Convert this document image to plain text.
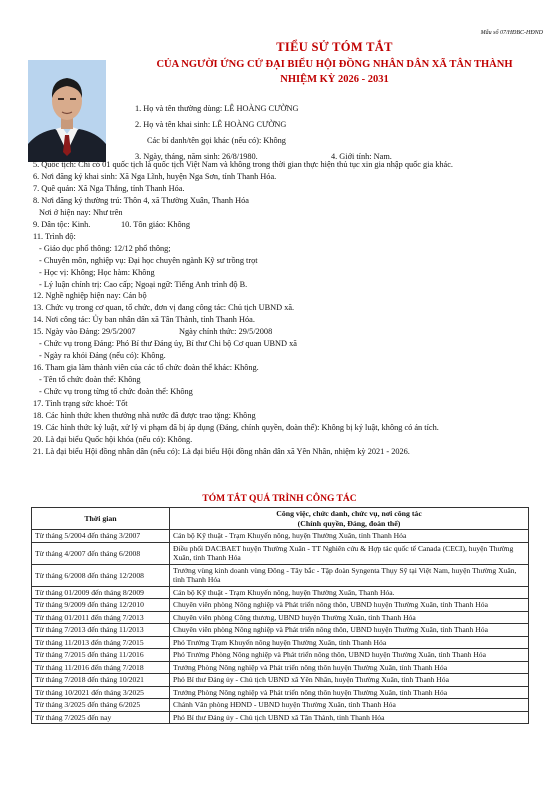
Mẫu số 07/HĐBC-HĐND
TIỂU SỬ TÓM TẮT
CỦA NGƯỜI ỨNG CỬ ĐẠI BIỂU HỘI ĐỒNG NHÂN DÂN XÃ TÂN THÀNH
NHIỆM KỲ 2026 - 2031
1. Họ và tên thường dùng: LÊ HOÀNG CƯỜNG
2. Họ và tên khai sinh: LÊ HOÀNG CƯỜNG
Các bí danh/tên gọi khác (nếu có): Không
3. Ngày, tháng, năm sinh: 26/8/1980.	4. Giới tính: Nam.
5. Quốc tịch: Chỉ có 01 quốc tịch là quốc tịch Việt Nam và không trong thời gian thực hiện thủ tục xin gia nhập quốc gia khác.
6. Nơi đăng ký khai sinh: Xã Nga Lĩnh, huyện Nga Sơn, tỉnh Thanh Hóa.
7. Quê quán: Xã Nga Thắng, tỉnh Thanh Hóa.
8. Nơi đăng ký thường trú: Thôn 4, xã Thường Xuân, Thanh Hóa
Nơi ở hiện nay: Như trên
9. Dân tộc: Kinh.	10. Tôn giáo: Không
11. Trình độ:
- Giáo dục phổ thông: 12/12 phổ thông;
- Chuyên môn, nghiệp vụ: Đại học chuyên ngành Kỹ sư trồng trọt
- Học vị: Không; Học hàm: Không
- Lý luận chính trị: Cao cấp; Ngoại ngữ: Tiếng Anh trình độ B.
12. Nghề nghiệp hiện nay: Cán bộ
13. Chức vụ trong cơ quan, tổ chức, đơn vị đang công tác: Chủ tịch UBND xã.
14. Nơi công tác: Ủy ban nhân dân xã Tân Thành, tỉnh Thanh Hóa.
15. Ngày vào Đảng: 29/5/2007	Ngày chính thức: 29/5/2008
- Chức vụ trong Đảng: Phó Bí thư Đảng ủy, Bí thư Chi bộ Cơ quan UBND xã
- Ngày ra khỏi Đảng (nếu có): Không.
16. Tham gia làm thành viên của các tổ chức đoàn thể khác: Không.
- Tên tổ chức đoàn thể: Không
- Chức vụ trong từng tổ chức đoàn thể: Không
17. Tình trạng sức khoẻ: Tốt
18. Các hình thức khen thưởng nhà nước đã được trao tặng: Không
19. Các hình thức kỷ luật, xử lý vi phạm đã bị áp dụng (Đảng, chính quyền, đoàn thể): Không bị kỷ luật, không có án tích.
20. Là đại biểu Quốc hội khóa (nếu có): Không.
21. Là đại biểu Hội đồng nhân dân (nếu có): Là đại biểu Hội đồng nhân dân xã Yên Nhân, nhiệm kỳ 2021 - 2026.
TÓM TẮT QUÁ TRÌNH CÔNG TÁC
Thời gian	Công việc, chức danh, chức vụ, nơi công tác
(Chính quyền, Đảng, đoàn thể)

Từ tháng 5/2004 đến tháng 3/2007	Cán bộ Kỹ thuật - Trạm Khuyến nông, huyện Thường Xuân, tỉnh Thanh Hóa
Từ tháng 4/2007 đến tháng 6/2008	Điều phối DACBAET huyện Thường Xuân - TT Nghiên cứu & Hợp tác quốc tế Canada (CECI), huyện Thường Xuân, tỉnh Thanh Hóa
Từ tháng 6/2008 đến tháng 12/2008	Trưởng vùng kinh doanh vùng Đông - Tây bắc - Tập đoàn Syngenta Thụy Sỹ tại Việt Nam, huyện Thường Xuân, tỉnh Thanh Hóa
Từ tháng 01/2009 đến tháng 8/2009	Cán bộ Kỹ thuật - Trạm Khuyến nông, huyện Thường Xuân, Thanh Hóa.
Từ tháng 9/2009 đến tháng 12/2010	Chuyên viên phòng Nông nghiệp và Phát triển nông thôn, UBND huyện Thường Xuân, tỉnh Thanh Hóa
Từ tháng 01/2011 đến tháng 7/2013	Chuyên viên phòng Công thương, UBND huyện Thường Xuân, tỉnh Thanh Hóa
Từ tháng 7/2013 đến tháng 11/2013	Chuyên viên phòng Nông nghiệp và Phát triển nông thôn, UBND huyện Thường Xuân, tỉnh Thanh Hóa
Từ tháng 11/2013 đến tháng 7/2015	Phó Trưởng Trạm Khuyến nông huyện Thường Xuân, tỉnh Thanh Hóa
Từ tháng 7/2015 đến tháng 11/2016	Phó Trưởng Phòng Nông nghiệp và Phát triển nông thôn, UBND huyện Thường Xuân, tỉnh Thanh Hóa
Từ tháng 11/2016 đến tháng 7/2018	Trưởng Phòng Nông nghiệp và Phát triển nông thôn huyện Thường Xuân, tỉnh Thanh Hóa
Từ tháng 7/2018 đến tháng 10/2021	Phó Bí thư Đảng ủy - Chủ tịch UBND xã Yên Nhân, huyện Thường Xuân, tỉnh Thanh Hóa
Từ tháng 10/2021 đến tháng 3/2025	Trưởng Phòng Nông nghiệp và Phát triển nông thôn huyện Thường Xuân, tỉnh Thanh Hóa
Từ tháng 3/2025 đến tháng 6/2025	Chánh Văn phòng HĐND - UBND huyện Thường Xuân, tỉnh Thanh Hóa
Từ tháng 7/2025 đến nay	Phó Bí thư Đảng ủy - Chủ tịch UBND xã Tân Thành, tỉnh Thanh Hóa
